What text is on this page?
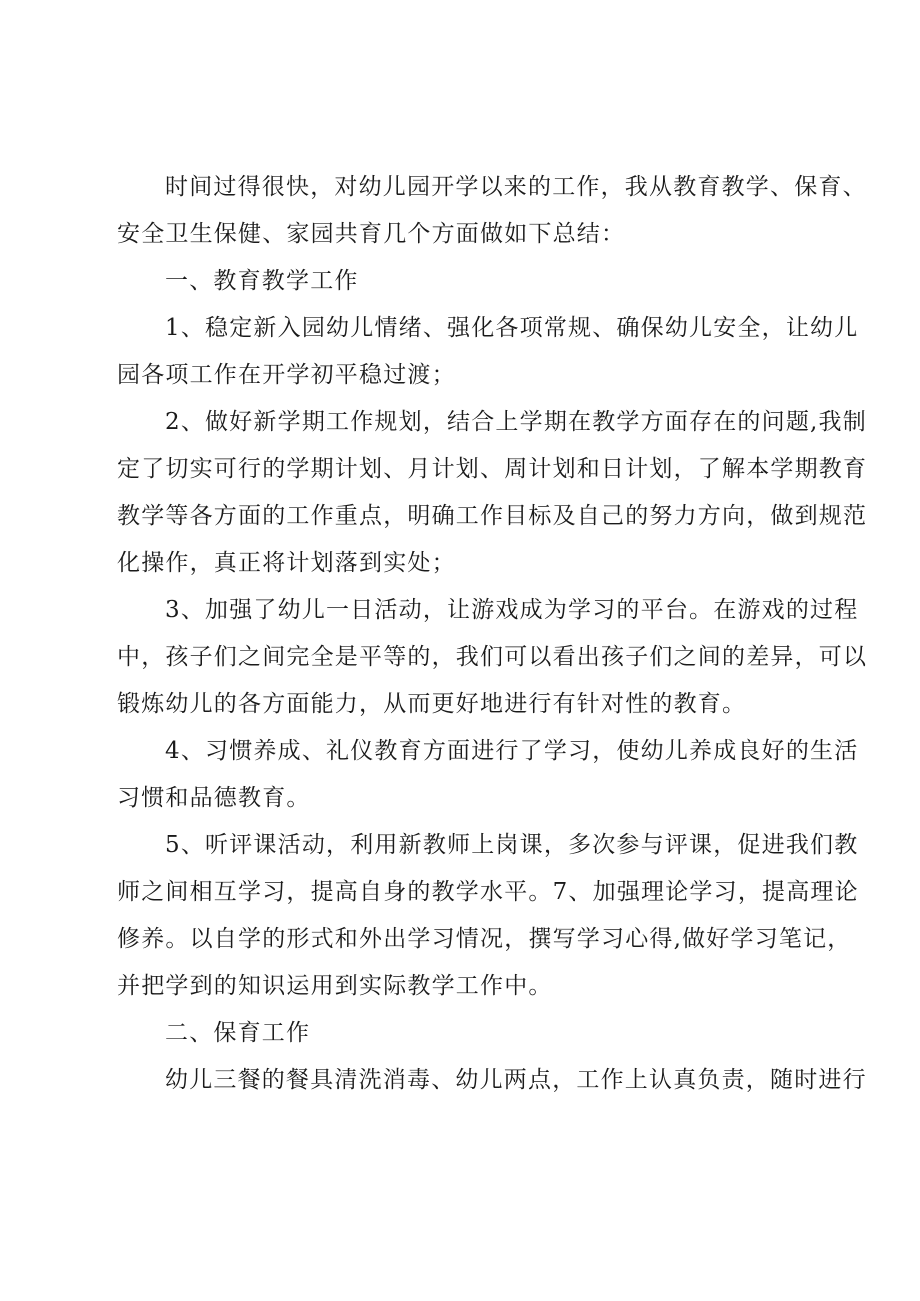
时间过得很快，对幼儿园开学以来的工作，我从教育教学、保育、
安全卫生保健、家园共育几个方面做如下总结：
一、教育教学工作
1、稳定新入园幼儿情绪、强化各项常规、确保幼儿安全，让幼儿
园各项工作在开学初平稳过渡；
2、做好新学期工作规划，结合上学期在教学方面存在的问题,我制
定了切实可行的学期计划、月计划、周计划和日计划，了解本学期教育
教学等各方面的工作重点，明确工作目标及自己的努力方向，做到规范
化操作，真正将计划落到实处；
3、加强了幼儿一日活动，让游戏成为学习的平台。在游戏的过程
中，孩子们之间完全是平等的，我们可以看出孩子们之间的差异，可以
锻炼幼儿的各方面能力，从而更好地进行有针对性的教育。
4、习惯养成、礼仪教育方面进行了学习，使幼儿养成良好的生活
习惯和品德教育。
5、听评课活动，利用新教师上岗课，多次参与评课，促进我们教
师之间相互学习，提高自身的教学水平。7、加强理论学习，提高理论
修养。以自学的形式和外出学习情况，撰写学习心得,做好学习笔记，
并把学到的知识运用到实际教学工作中。
二、保育工作
幼儿三餐的餐具清洗消毒、幼儿两点，工作上认真负责，随时进行
